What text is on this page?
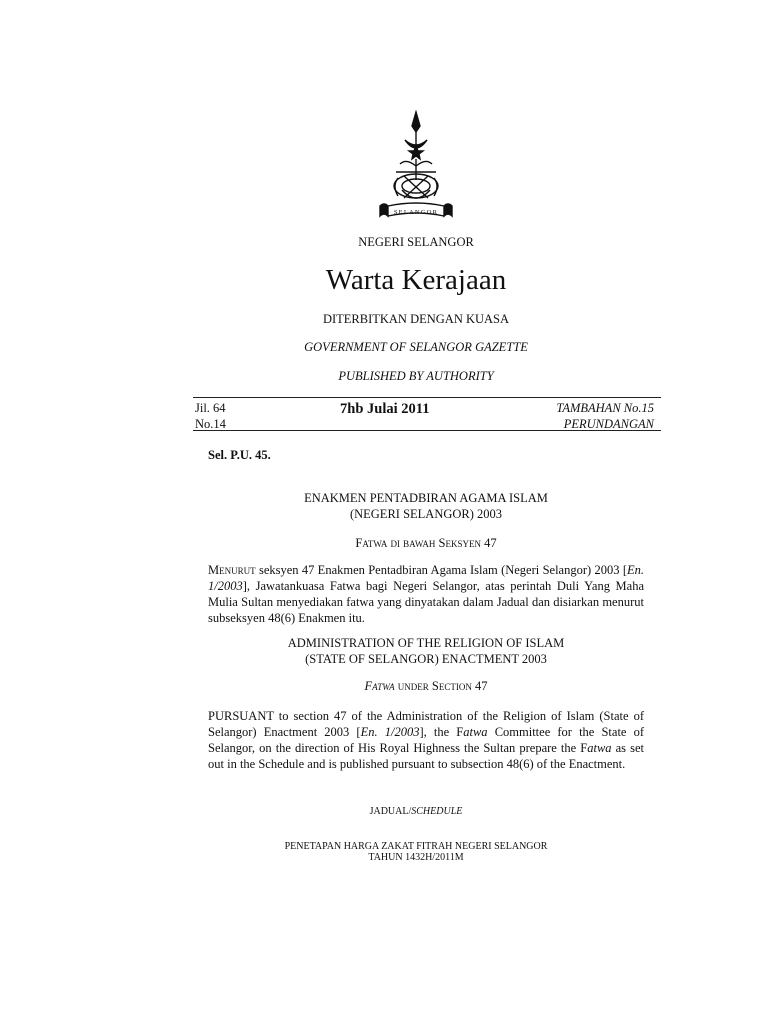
SELANGOR
NEGERI SELANGOR
Warta Kerajaan
DITERBITKAN DENGAN KUASA
GOVERNMENT OF SELANGOR GAZETTE
PUBLISHED BY AUTHORITY
Jil. 64
No.14
7hb Julai 2011	TAMBAHAN No.15
PERUNDANGAN
Sel. P.U. 45.
ENAKMEN PENTADBIRAN AGAMA ISLAM
(NEGERI SELANGOR) 2003
Fatwa di bawah Seksyen 47
Menurut seksyen 47 Enakmen Pentadbiran Agama Islam (Negeri Selangor) 2003 [En. 1/2003], Jawatankuasa Fatwa bagi Negeri Selangor, atas perintah Duli Yang Maha Mulia Sultan menyediakan fatwa yang dinyatakan dalam Jadual dan disiarkan menurut subseksyen 48(6) Enakmen itu.
ADMINISTRATION OF THE RELIGION OF ISLAM
(STATE OF SELANGOR) ENACTMENT 2003
Fatwa under Section 47
PURSUANT to section 47 of the Administration of the Religion of Islam (State of Selangor) Enactment 2003 [En. 1/2003], the Fatwa Committee for the State of Selangor, on the direction of His Royal Highness the Sultan prepare the Fatwa as set out in the Schedule and is published pursuant to subsection 48(6) of the Enactment.
JADUAL/SCHEDULE
PENETAPAN HARGA ZAKAT FITRAH NEGERI SELANGOR
TAHUN 1432H/2011M
